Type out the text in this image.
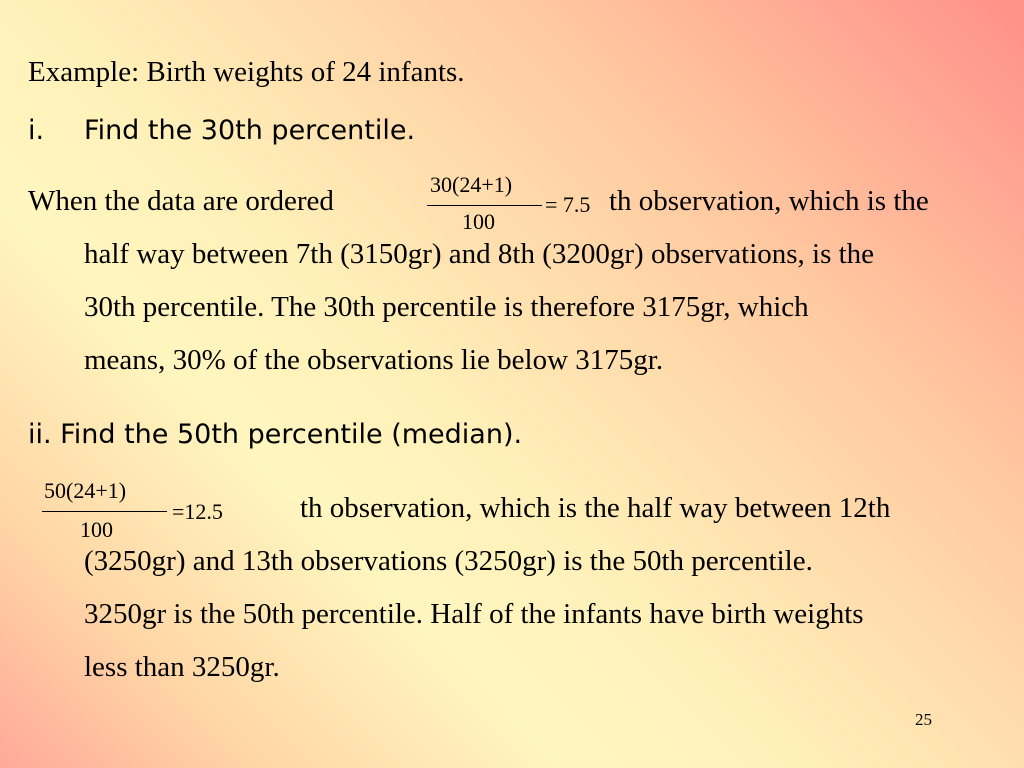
Example: Birth weights of 24 infants.
i. Find the 30th percentile.
When the data are ordered
30(24+1)
100
= 7.5 th observation, which is the
half way between 7th (3150gr) and 8th (3200gr) observations, is the
30th percentile. The 30th percentile is therefore 3175gr, which
means, 30% of the observations lie below 3175gr.
ii. Find the 50th percentile (median).
50(24+1)
100
=12.5	th observation, which is the half way between 12th
(3250gr) and 13th observations (3250gr) is the 50th percentile.
3250gr is the 50th percentile. Half of the infants have birth weights
less than 3250gr.
25
